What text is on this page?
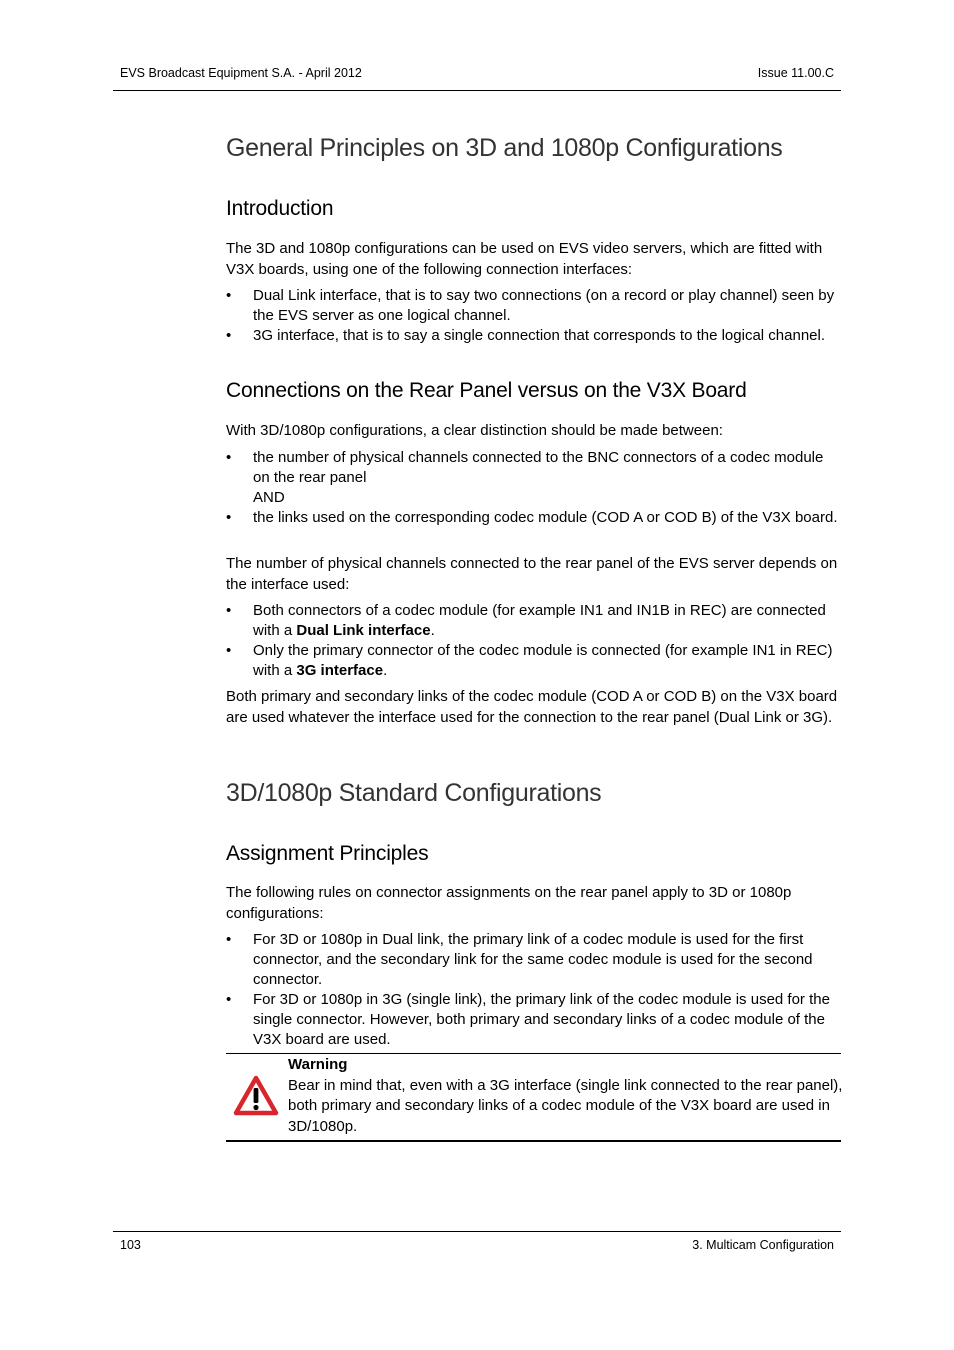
EVS Broadcast Equipment S.A. - April 2012	Issue 11.00.C
General Principles on 3D and 1080p Configurations
Introduction

The 3D and 1080p configurations can be used on EVS video servers, which are fitted with V3X boards, using one of the following connection interfaces:

• Dual Link interface, that is to say two connections (on a record or play channel) seen by the EVS server as one logical channel.
• 3G interface, that is to say a single connection that corresponds to the logical channel.
Connections on the Rear Panel versus on the V3X Board

With 3D/1080p configurations, a clear distinction should be made between:

• the number of physical channels connected to the BNC connectors of a codec module on the rear panel
AND
• the links used on the corresponding codec module (COD A or COD B) of the V3X board.

The number of physical channels connected to the rear panel of the EVS server depends on the interface used:

• Both connectors of a codec module (for example IN1 and IN1B in REC) are connected with a Dual Link interface.
• Only the primary connector of the codec module is connected (for example IN1 in REC) with a 3G interface.

Both primary and secondary links of the codec module (COD A or COD B) on the V3X board are used whatever the interface used for the connection to the rear panel (Dual Link or 3G).

3D/1080p Standard Configurations
Assignment Principles

The following rules on connector assignments on the rear panel apply to 3D or 1080p configurations:

• For 3D or 1080p in Dual link, the primary link of a codec module is used for the first connector, and the secondary link for the same codec module is used for the second connector.
• For 3D or 1080p in 3G (single link), the primary link of the codec module is used for the single connector. However, both primary and secondary links of a codec module of the V3X board are used.
Warning
Bear in mind that, even with a 3G interface (single link connected to the rear panel), both primary and secondary links of a codec module of the V3X board are used in 3D/1080p.
103	3. Multicam Configuration
